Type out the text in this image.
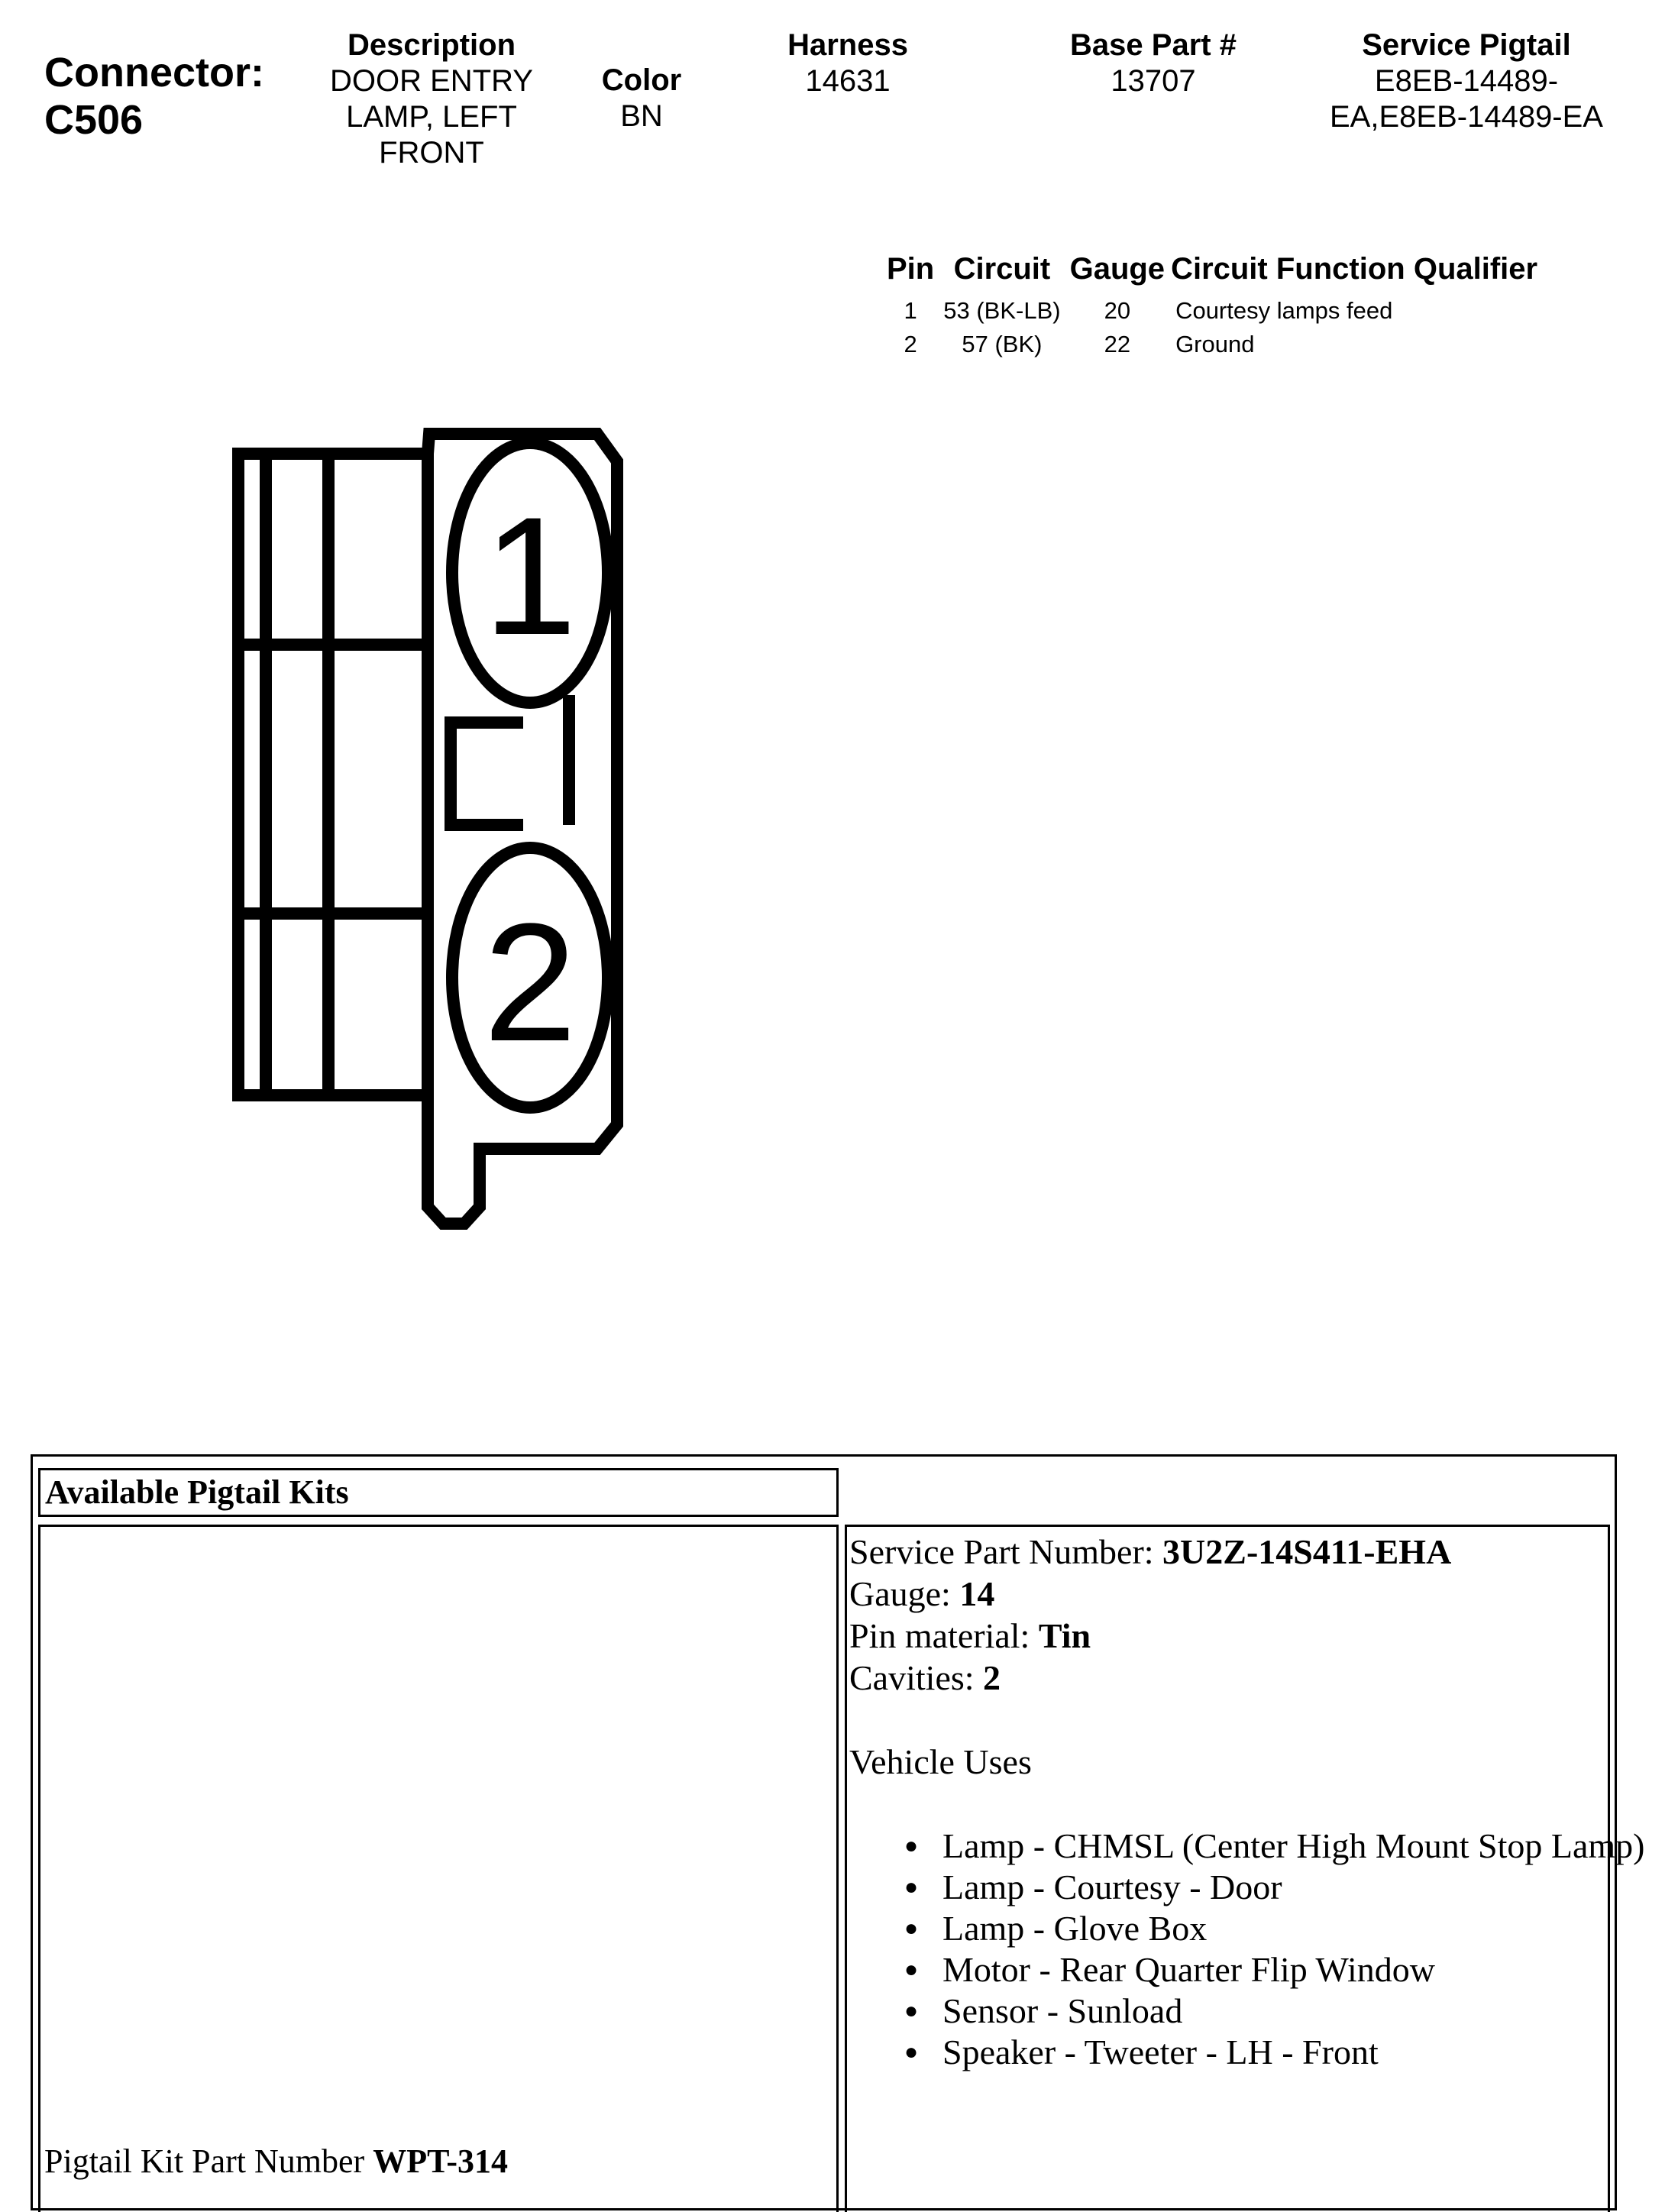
Connector:
C506
Description
DOOR ENTRY LAMP, LEFT FRONT
Color
BN
Harness
14631
Base Part #
13707
Service Pigtail
E8EB-14489-EA,E8EB-14489-EA
Pin	Circuit	Gauge	Circuit Function Qualifier
1	53 (BK-LB)	20	Courtesy lamps feed
2	57 (BK)	22	Ground
1
2
Available Pigtail Kits
Pigtail Kit Part Number WPT-314
Service Part Number: 3U2Z-14S411-EHA
Gauge: 14
Pin material: Tin
Cavities: 2
Vehicle Uses
● Lamp - CHMSL (Center High Mount Stop Lamp)
● Lamp - Courtesy - Door
● Lamp - Glove Box
● Motor - Rear Quarter Flip Window
● Sensor - Sunload
● Speaker - Tweeter - LH - Front
